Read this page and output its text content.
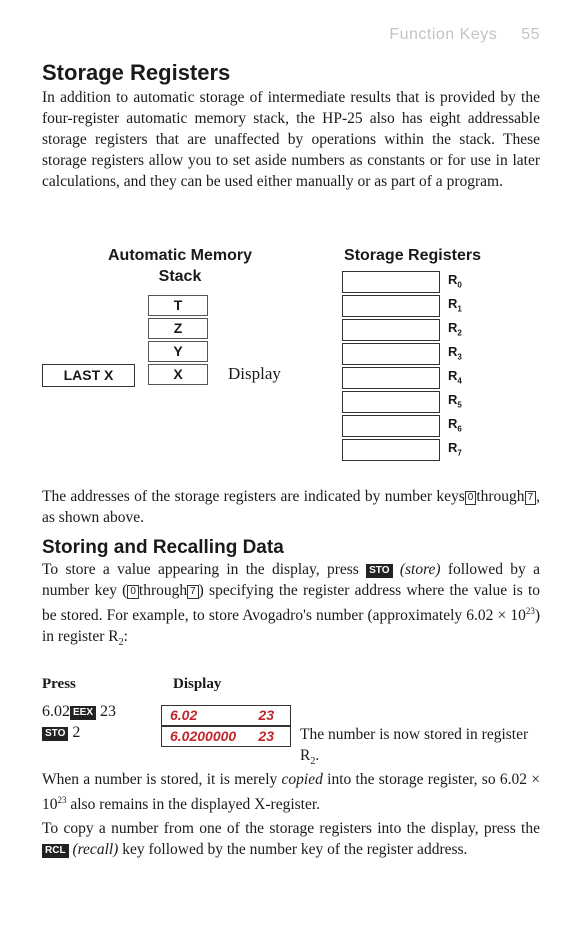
Function Keys 55
Storage Registers

In addition to automatic storage of intermediate results that is provided by the four-register automatic memory stack, the HP-25 also has eight addressable storage registers that are unaffected by operations within the stack. These storage registers allow you to set aside numbers as constants or for use in later calculations, and they can be used either manually or as part of a program.

Automatic Memory
Stack
T
Z
Y
X
LAST X	Display
Storage Registers
$R_0$
$R_1$
$R_2$
$R_3$
$R_4$
$R_5$
$R_6$
$R_7$

The addresses of the storage registers are indicated by number keys 0 through 7 , as shown above.

Storing and Recalling Data

To store a value appearing in the display, press STO (store) followed by a number key ( 0 through 7 ) specifying the register address where the value is to be stored. For example, to store Avogadro's number (approximately $6.02 \times 10^{23}$) in register $R_2$:

Press	Display
6.02 EEX 23	6.02	23
STO 2	6.0200000 23 The number is now stored in register $R_2$.

When a number is stored, it is merely copied into the storage register, so $6.02 \times 10^{23}$ also remains in the displayed X-register.

To copy a number from one of the storage registers into the display, press the RCL (recall) key followed by the number key of the register address.
